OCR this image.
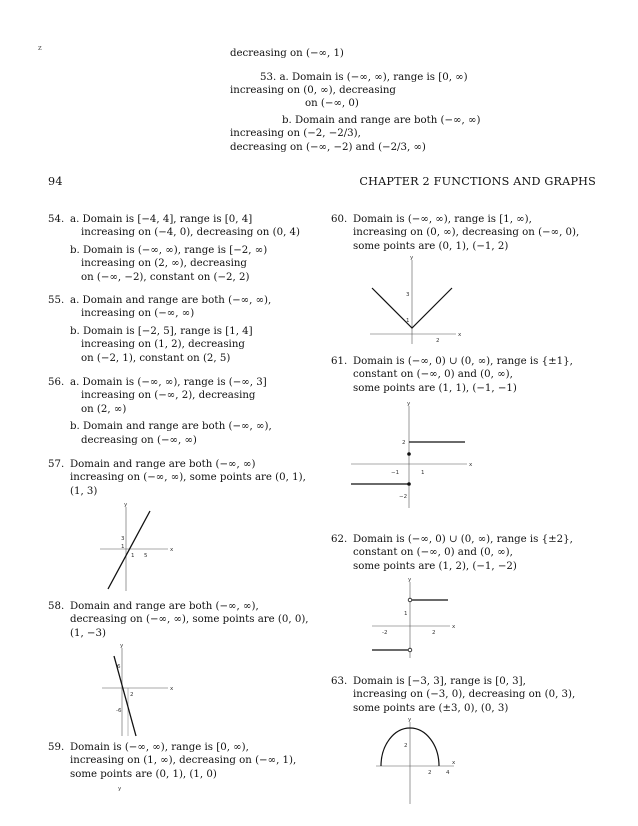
z	decreasing on (−∞, 1)
53. a. Domain is (−∞, ∞), range is [0, ∞)
increasing on (0, ∞), decreasing
on (−∞, 0)
b. Domain and range are both (−∞, ∞)
increasing on (−2, −2/3),
decreasing on (−∞, −2) and (−2/3, ∞)
94	CHAPTER 2 FUNCTIONS AND GRAPHS
54. a. Domain is [−4, 4], range is [0, 4]
increasing on (−4, 0), decreasing on (0, 4)
b. Domain is (−∞, ∞), range is [−2, ∞)
increasing on (2, ∞), decreasing
on (−∞, −2), constant on (−2, 2)
55. a. Domain and range are both (−∞, ∞),
increasing on (−∞, ∞)
b. Domain is [−2, 5], range is [1, 4]
increasing on (1, 2), decreasing
on (−2, 1), constant on (2, 5)
56. a. Domain is (−∞, ∞), range is (−∞, 3]
increasing on (−∞, 2), decreasing
on (2, ∞)
b. Domain and range are both (−∞, ∞),
decreasing on (−∞, ∞)
57. Domain and range are both (−∞, ∞)
increasing on (−∞, ∞), some points are (0, 1),
(1, 3)
y
x
3
1
1 5
58. Domain and range are both (−∞, ∞),
decreasing on (−∞, ∞), some points are (0, 0),
(1, −3)
y
x
6
-6
2
59. Domain is (−∞, ∞), range is [0, ∞),
increasing on (1, ∞), decreasing on (−∞, 1),
some points are (0, 1), (1, 0)
y
60. Domain is (−∞, ∞), range is [1, ∞),
increasing on (0, ∞), decreasing on (−∞, 0),
some points are (0, 1), (−1, 2)
y
x
3
1
2
61. Domain is (−∞, 0) ∪ (0, ∞), range is {±1},
constant on (−∞, 0) and (0, ∞),
some points are (1, 1), (−1, −1)
y
x
2
−2
−1	1
62. Domain is (−∞, 0) ∪ (0, ∞), range is {±2},
constant on (−∞, 0) and (0, ∞),
some points are (1, 2), (−1, −2)
y
x
1
-2	2
63. Domain is [−3, 3], range is [0, 3],
increasing on (−3, 0), decreasing on (0, 3),
some points are (±3, 0), (0, 3)
y
x
2
2	4
